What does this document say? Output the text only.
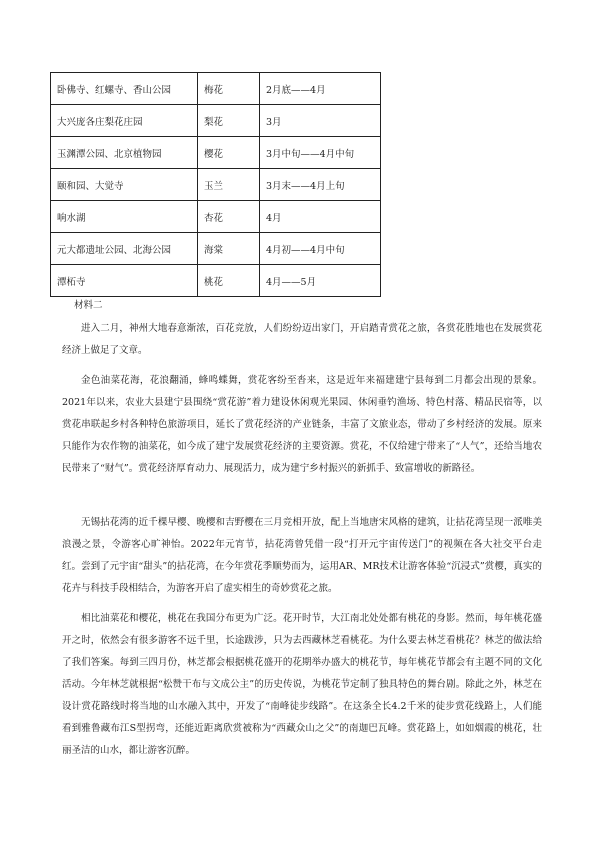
卧佛寺、红螺寺、香山公园	梅花	2月底——4月
大兴庞各庄梨花庄园	梨花	3月
玉渊潭公园、北京植物园	樱花	3月中旬——4月中旬
颐和园、大觉寺	玉兰	3月末——4月上旬
响水湖	杏花	4月
元大都遗址公园、北海公园	海棠	4月初——4月中旬
潭柘寺	桃花	4月——5月
材料二

进入二月，神州大地春意渐浓，百花竞放，人们纷纷迈出家门，开启踏青赏花之旅，各赏花胜地也在发展赏花经济上做足了文章。

金色油菜花海，花浪翻涌，蜂鸣蝶舞，赏花客纷至沓来，这是近年来福建建宁县每到二月都会出现的景象。2021年以来，农业大县建宁县围绕“赏花游”着力建设休闲观光果园、休闲垂钓渔场、特色村落、精品民宿等，以赏花串联起乡村各种特色旅游项目，延长了赏花经济的产业链条，丰富了文旅业态，带动了乡村经济的发展。原来只能作为农作物的油菜花，如今成了建宁发展赏花经济的主要资源。赏花，不仅给建宁带来了“人气”，还给当地农民带来了“财气”。赏花经济厚育动力、展现活力，成为建宁乡村振兴的新抓手、致富增收的新路径。

无锡拈花湾的近千棵早樱、晚樱和吉野樱在三月竞相开放，配上当地唐宋风格的建筑，让拈花湾呈现一派唯美浪漫之景，令游客心旷神怡。2022年元宵节，拈花湾曾凭借一段“打开元宇宙传送门”的视频在各大社交平台走红。尝到了元宇宙“甜头”的拈花湾，在今年赏花季顺势而为，运用AR、MR技术让游客体验“沉浸式”赏樱，真实的花卉与科技手段相结合，为游客开启了虚实相生的奇妙赏花之旅。

相比油菜花和樱花，桃花在我国分布更为广泛。花开时节，大江南北处处都有桃花的身影。然而，每年桃花盛开之时，依然会有很多游客不远千里，长途跋涉，只为去西藏林芝看桃花。为什么要去林芝看桃花？林芝的做法给了我们答案。每到三四月份，林芝都会根据桃花盛开的花期举办盛大的桃花节，每年桃花节都会有主题不同的文化活动。今年林芝就根据“松赞干布与文成公主”的历史传说，为桃花节定制了独具特色的舞台剧。除此之外，林芝在设计赏花路线时将当地的山水融入其中，开发了“南峰徒步线路”。在这条全长4.2千米的徒步赏花线路上，人们能看到雅鲁藏布江S型拐弯，还能近距离欣赏被称为“西藏众山之父”的南迦巴瓦峰。赏花路上，如如烟霞的桃花，壮丽圣洁的山水，都让游客沉醉。
